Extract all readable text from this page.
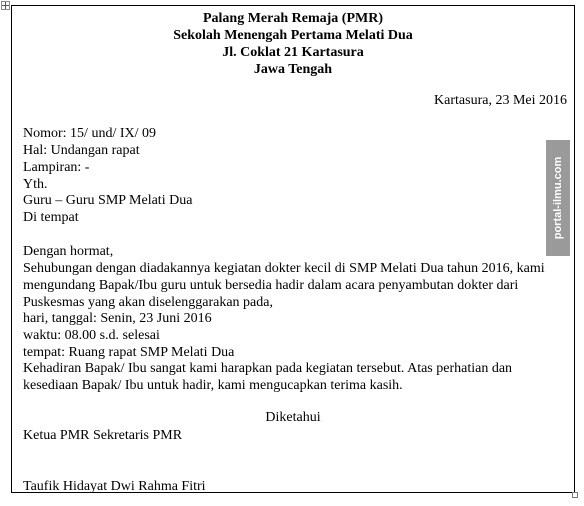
Palang Merah Remaja (PMR)
Sekolah Menengah Pertama Melati Dua
Jl. Coklat 21 Kartasura
Jawa Tengah
Kartasura, 23 Mei 2016
Nomor: 15/ und/ IX/ 09
Hal: Undangan rapat
Lampiran: -
Yth.
Guru – Guru SMP Melati Dua
Di tempat
Dengan hormat,
Sehubungan dengan diadakannya kegiatan dokter kecil di SMP Melati Dua tahun 2016, kami
mengundang Bapak/Ibu guru untuk bersedia hadir dalam acara penyambutan dokter dari
Puskesmas yang akan diselenggarakan pada,
hari, tanggal: Senin, 23 Juni 2016
waktu: 08.00 s.d. selesai
tempat: Ruang rapat SMP Melati Dua
Kehadiran Bapak/ Ibu sangat kami harapkan pada kegiatan tersebut. Atas perhatian dan
kesediaan Bapak/ Ibu untuk hadir, kami mengucapkan terima kasih.
Diketahui
Ketua PMR Sekretaris PMR
Taufik Hidayat Dwi Rahma Fitri
portal-ilmu.com
